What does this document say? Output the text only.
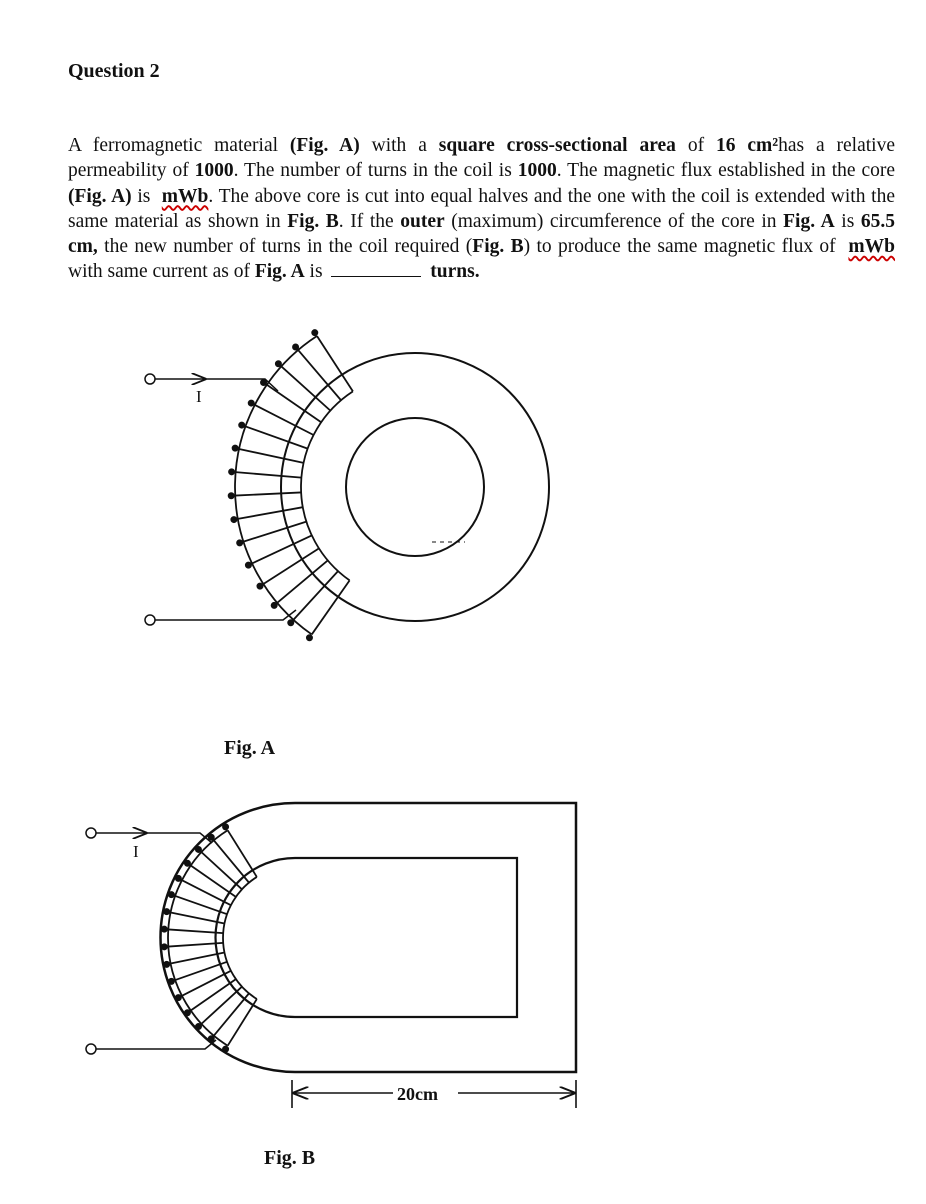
Question 2
A ferromagnetic material (Fig. A) with a square cross-sectional area of 16 cm²has a relative permeability of 1000. The number of turns in the coil is 1000. The magnetic flux established in the core (Fig. A) is  mWb. The above core is cut into equal halves and the one with the coil is extended with the same material as shown in Fig. B. If the outer (maximum) circumference of the core in Fig. A is 65.5 cm, the new number of turns in the coil required (Fig. B) to produce the same magnetic flux of  mWb with same current as of Fig. A is	turns.
I
I
20cm
Fig. A
Fig. B
